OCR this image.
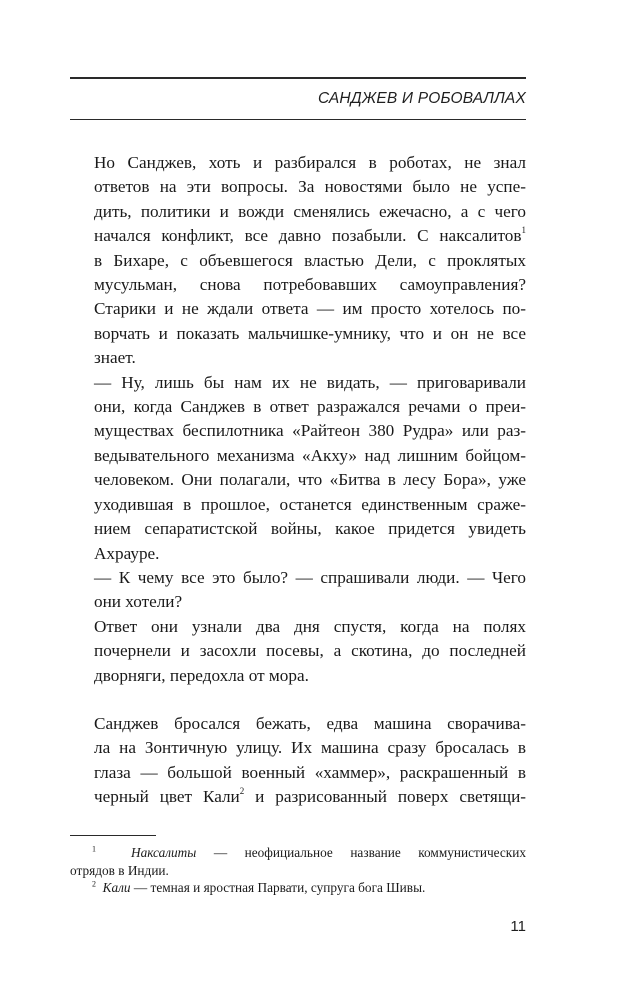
САНДЖЕВ И РОБОВАЛЛАХ

Но Санджев, хоть и разбирался в роботах, не знал
ответов на эти вопросы. За новостями было не успе-
дить, политики и вожди сменялись ежечасно, а с чего
начался конфликт, все давно позабыли. С наксалитов$^1$
в Бихаре, с объевшегося властью Дели, с проклятых
мусульман, снова потребовавших самоуправления?
Старики и не ждали ответа — им просто хотелось по-
ворчать и показать мальчишке-умнику, что и он не все
знает.

— Ну, лишь бы нам их не видать, — приговаривали
они, когда Санджев в ответ разражался речами о преи-
муществах беспилотника «Райтеон 380 Рудра» или раз-
ведывательного механизма «Акху» над лишним бойцом-
человеком. Они полагали, что «Битва в лесу Бора», уже
уходившая в прошлое, останется единственным сраже-
нием сепаратистской войны, какое придется увидеть
Ахрауре.

— К чему все это было? — спрашивали люди. — Чего
они хотели?

Ответ они узнали два дня спустя, когда на полях
почернели и засохли посевы, а скотина, до последней
дворняги, передохла от мора.

Санджев бросался бежать, едва машина сворачива-
ла на Зонтичную улицу. Их машина сразу бросалась в
глаза — большой военный «хаммер», раскрашенный в
черный цвет Кали$^2$ и разрисованный поверх светящи-

$^1$	Наксалиты — неофициальное название коммунистических
отрядов в Индии.

$^2$ Кали — темная и яростная Парвати, супруга бога Шивы.

11
